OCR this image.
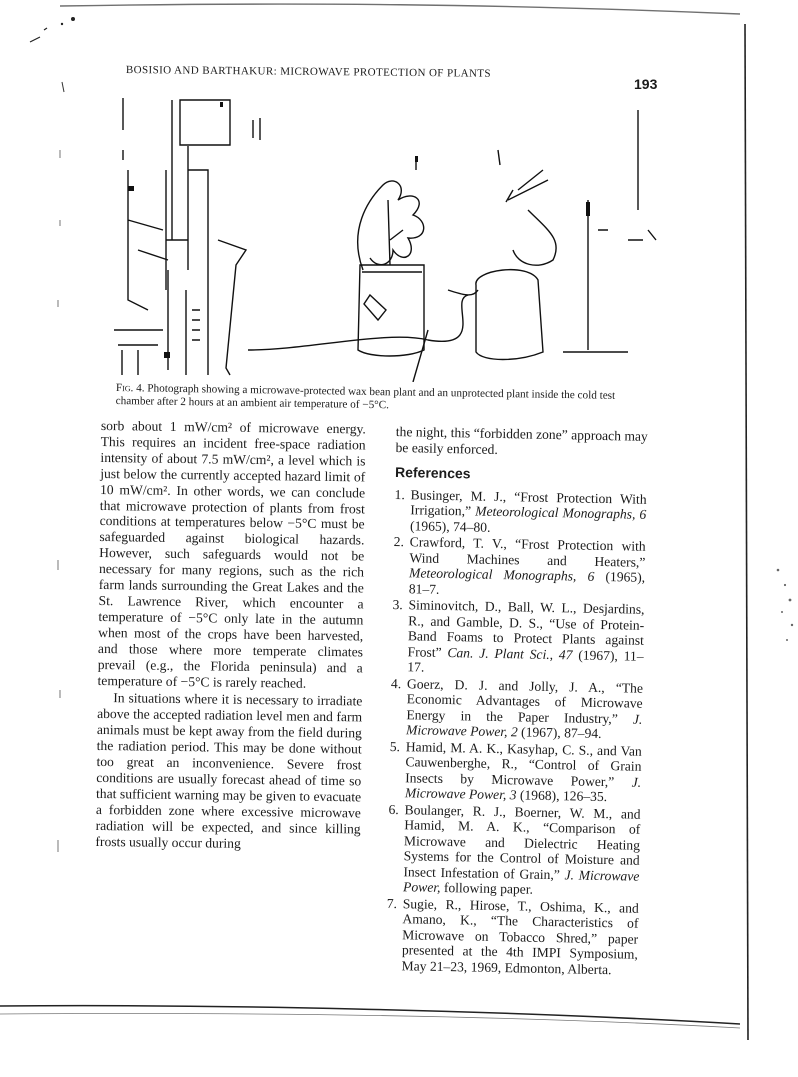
BOSISIO AND BARTHAKUR: MICROWAVE PROTECTION OF PLANTS
193
Fig. 4. Photograph showing a microwave-protected wax bean plant and an unprotected plant inside the cold test chamber after 2 hours at an ambient air temperature of −5°C.

sorb about 1 mW/cm² of microwave energy. This requires an incident free-space radiation intensity of about 7.5 mW/cm², a level which is just below the currently accepted hazard limit of 10 mW/cm². In other words, we can conclude that microwave protection of plants from frost conditions at temperatures below −5°C must be safeguarded against biological hazards. However, such safeguards would not be necessary for many regions, such as the rich farm lands surrounding the Great Lakes and the St. Lawrence River, which encounter a temperature of −5°C only late in the autumn when most of the crops have been harvested, and those where more temperate climates prevail (e.g., the Florida peninsula) and a temperature of −5°C is rarely reached.

In situations where it is necessary to irradiate above the accepted radiation level men and farm animals must be kept away from the field during the radiation period. This may be done without too great an inconvenience. Severe frost conditions are usually forecast ahead of time so that sufficient warning may be given to evacuate a forbidden zone where excessive microwave radiation will be expected, and since killing frosts usually occur during

the night, this “forbidden zone” approach may be easily enforced.

References
1. Businger, M. J., “Frost Protection With Irrigation,” Meteorological Monographs, 6 (1965), 74–80.
2. Crawford, T. V., “Frost Protection with Wind Machines and Heaters,” Meteorological Monographs, 6 (1965), 81–7.
3. Siminovitch, D., Ball, W. L., Desjardins, R., and Gamble, D. S., “Use of Protein-Band Foams to Protect Plants against Frost” Can. J. Plant Sci., 47 (1967), 11–17.
4. Goerz, D. J. and Jolly, J. A., “The Economic Advantages of Microwave Energy in the Paper Industry,” J. Microwave Power, 2 (1967), 87–94.
5. Hamid, M. A. K., Kasyhap, C. S., and Van Cauwenberghe, R., “Control of Grain Insects by Microwave Power,” J. Microwave Power, 3 (1968), 126–35.
6. Boulanger, R. J., Boerner, W. M., and Hamid, M. A. K., “Comparison of Microwave and Dielectric Heating Systems for the Control of Moisture and Insect Infestation of Grain,” J. Microwave Power, following paper.
7. Sugie, R., Hirose, T., Oshima, K., and Amano, K., “The Characteristics of Microwave on Tobacco Shred,” paper presented at the 4th IMPI Symposium, May 21–23, 1969, Edmonton, Alberta.
